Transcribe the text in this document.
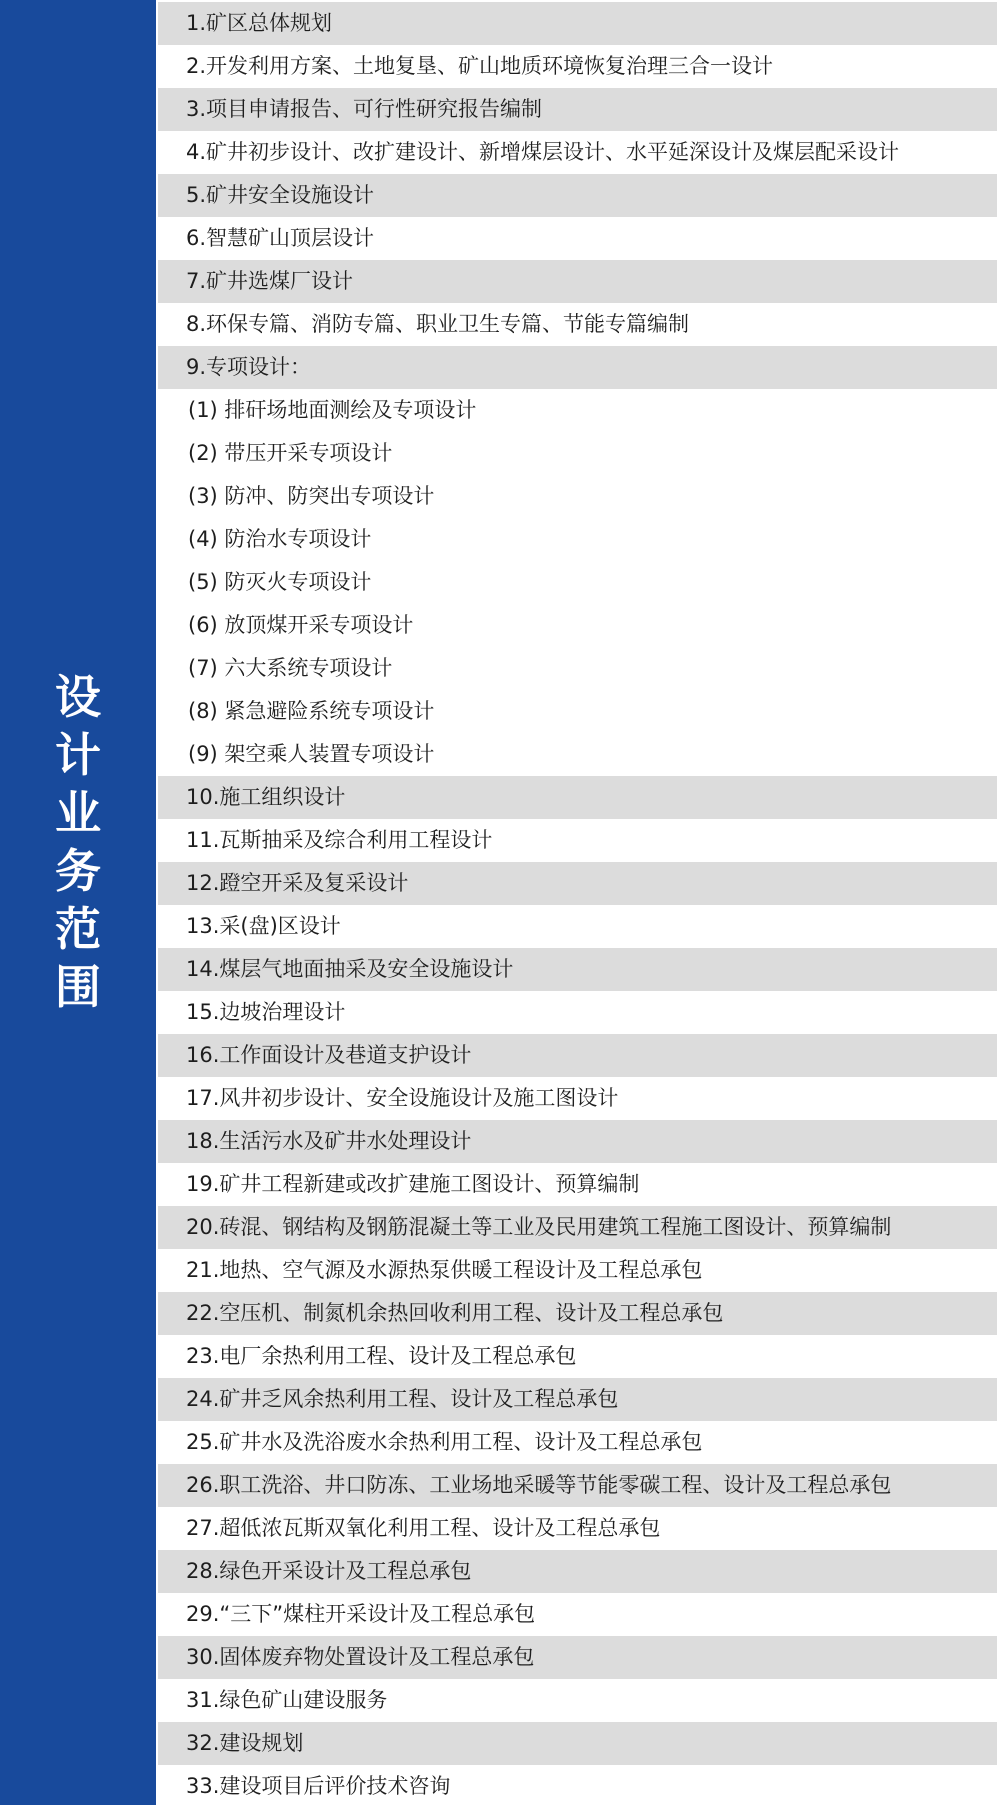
设
计
业
务
范
围
1.矿区总体规划
2.开发利用方案、土地复垦、矿山地质环境恢复治理三合一设计
3.项目申请报告、可行性研究报告编制
4.矿井初步设计、改扩建设计、新增煤层设计、水平延深设计及煤层配采设计
5.矿井安全设施设计
6.智慧矿山顶层设计
7.矿井选煤厂设计
8.环保专篇、消防专篇、职业卫生专篇、节能专篇编制
9.专项设计：
(1) 排矸场地面测绘及专项设计
(2) 带压开采专项设计
(3) 防冲、防突出专项设计
(4) 防治水专项设计
(5) 防灭火专项设计
(6) 放顶煤开采专项设计
(7) 六大系统专项设计
(8) 紧急避险系统专项设计
(9) 架空乘人装置专项设计
10.施工组织设计
11.瓦斯抽采及综合利用工程设计
12.蹬空开采及复采设计
13.采(盘)区设计
14.煤层气地面抽采及安全设施设计
15.边坡治理设计
16.工作面设计及巷道支护设计
17.风井初步设计、安全设施设计及施工图设计
18.生活污水及矿井水处理设计
19.矿井工程新建或改扩建施工图设计、预算编制
20.砖混、钢结构及钢筋混凝土等工业及民用建筑工程施工图设计、预算编制
21.地热、空气源及水源热泵供暖工程设计及工程总承包
22.空压机、制氮机余热回收利用工程、设计及工程总承包
23.电厂余热利用工程、设计及工程总承包
24.矿井乏风余热利用工程、设计及工程总承包
25.矿井水及洗浴废水余热利用工程、设计及工程总承包
26.职工洗浴、井口防冻、工业场地采暖等节能零碳工程、设计及工程总承包
27.超低浓瓦斯双氧化利用工程、设计及工程总承包
28.绿色开采设计及工程总承包
29.“三下”煤柱开采设计及工程总承包
30.固体废弃物处置设计及工程总承包
31.绿色矿山建设服务
32.建设规划
33.建设项目后评价技术咨询
